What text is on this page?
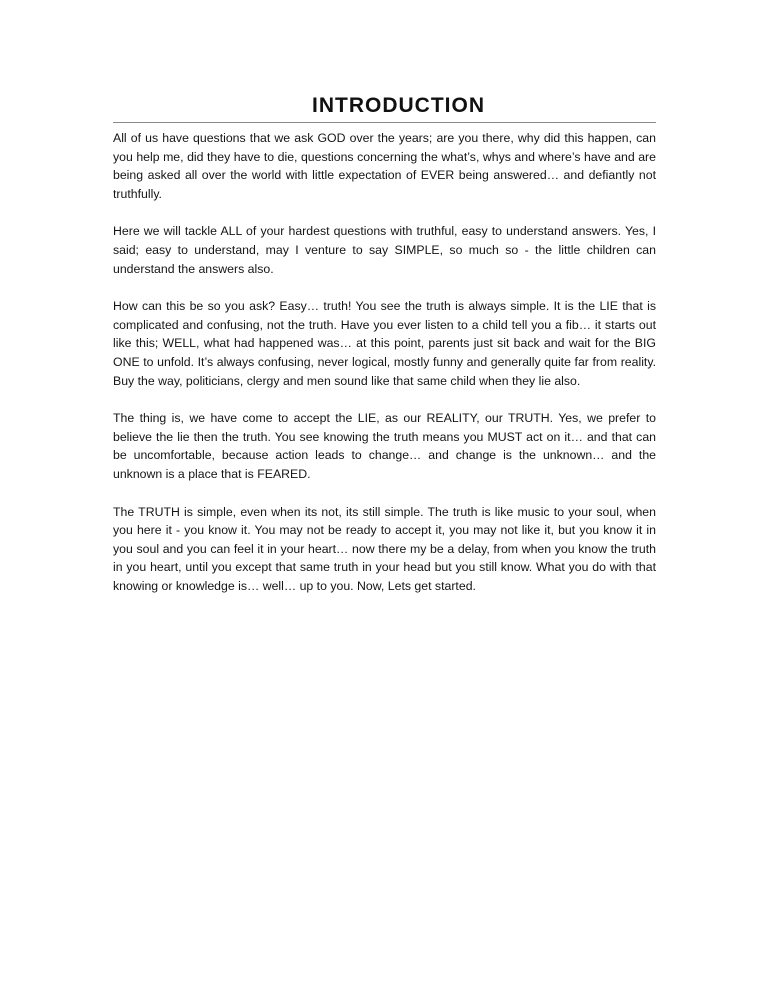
INTRODUCTION

All of us have questions that we ask GOD over the years; are you there, why did this happen, can you help me, did they have to die, questions concerning the what’s, whys and where’s have and are being asked all over the world with little expectation of EVER being answered… and defiantly not truthfully.

Here we will tackle ALL of your hardest questions with truthful, easy to understand answers. Yes, I said; easy to understand, may I venture to say SIMPLE, so much so - the little children can understand the answers also.

How can this be so you ask? Easy… truth! You see the truth is always simple. It is the LIE that is complicated and confusing, not the truth. Have you ever listen to a child tell you a fib… it starts out like this; WELL, what had happened was… at this point, parents just sit back and wait for the BIG ONE to unfold. It’s always confusing, never logical, mostly funny and generally quite far from reality. Buy the way, politicians, clergy and men sound like that same child when they lie also.

The thing is, we have come to accept the LIE, as our REALITY, our TRUTH. Yes, we prefer to believe the lie then the truth. You see knowing the truth means you MUST act on it… and that can be uncomfortable, because action leads to change… and change is the unknown… and the unknown is a place that is FEARED.

The TRUTH is simple, even when its not, its still simple. The truth is like music to your soul, when you here it - you know it. You may not be ready to accept it, you may not like it, but you know it in you soul and you can feel it in your heart… now there my be a delay, from when you know the truth in you heart, until you except that same truth in your head but you still know. What you do with that knowing or knowledge is… well… up to you. Now, Lets get started.
